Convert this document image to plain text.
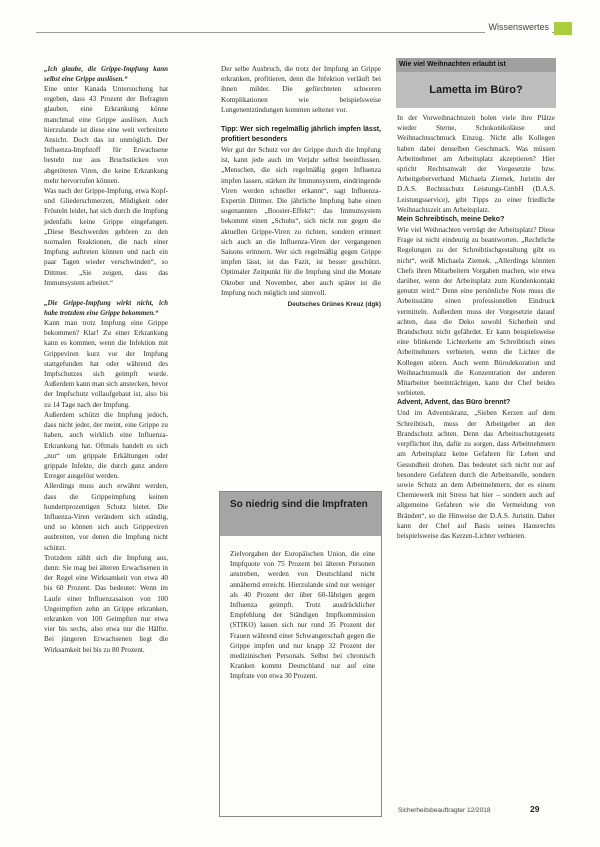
Wissenswertes
„Ich glaube, die Grippe-Impfung kann selbst eine Grippe auslösen.“
Eine unter Kanada Untersuchung hat ergeben, dass 43 Prozent der Befragten glauben, eine Erkrankung könne manchmal eine Grippe auslösen. Auch hierzulande ist diese eine weit verbreitete Ansicht. Doch das ist unmöglich. Der Influenza-Impfstoff für Erwachsene besteht nur aus Bruchstücken von abgetöteten Viren, die keine Erkrankung mehr hervorrufen können.
Was nach der Grippe-Impfung, etwa Kopf- und Gliederschmerzen, Müdigkeit oder Frösteln leidet, hat sich durch die Impfung jedenfalls keine Grippe eingefangen. „Diese Beschwerden gehören zu den normalen Reaktionen, die nach einer Impfung auftreten können und nach ein paar Tagen wieder verschwinden“, so Dittmer. „Sie zeigen, dass das Immunsystem arbeitet.“
„Die Grippe-Impfung wirkt nicht, ich habe trotzdem eine Grippe bekommen.“
Kann man trotz Impfung eine Grippe bekommen? Klar! Zu einer Erkrankung kann es kommen, wenn die Infektion mit Grippeviren kurz vor der Impfung stattgefunden hat oder während des Impfschutzes sich geimpft wurde. Außerdem kann man sich anstecken, bevor der Impfschutz vollaufgebaut ist, also bis zu 14 Tage nach der Impfung.
Außerdem schützt die Impfung jedoch, dass nicht jeder, der meint, eine Grippe zu haben, auch wirklich eine Influenza-Erkrankung hat. Oftmals handelt es sich „nur“ um grippale Erkältungen oder grippale Infekte, die durch ganz andere Erreger ausgelöst werden.
Allerdings muss auch erwähnt werden, dass die Grippeimpfung keinen hundertprozentigen Schutz bietet. Die Influenza-Viren verändern sich ständig, und so können sich auch Grippeviren ausbreiten, vor denen die Impfung nicht schützt.
Trotzdem zählt sich die Impfung aus, denn: Sie mag bei älteren Erwachsenen in der Regel eine Wirksamkeit von etwa 40 bis 60 Prozent. Das bedeutet: Wenn im Laufe einer Influenzasaison von 100 Ungeimpften zehn an Grippe erkranken, erkranken von 100 Geimpften nur etwa vier bis sechs, also etwa nur die Hälfte. Bei jüngeren Erwachsenen liegt die Wirksamkeit bei bis zu 80 Prozent.
Der selbe Ausbruch, die trotz der Impfung an Grippe erkranken, profitieren, denn die Infektion verläuft bei ihnen milder. Die gefürchteten schweren Komplikationen wie beispielsweise Lungenentzündungen kommen seltener vor.
Tipp: Wer sich regelmäßig jährlich impfen lässt, profitiert besonders
Wer gut der Schutz vor der Grippe durch die Impfung ist, kann jede auch im Vorjahr selbst beeinflussen. „Menschen, die sich regelmäßig gegen Influenza impfen lassen, stärken ihr Immunsystem, eindringende Viren werden schneller erkannt“, sagt Influenza-Expertin Dittmer. Die jährliche Impfung habe einen sogenannten „Booster-Effekt“: das Immunsystem bekommt einen „Schubs“, sich nicht nur gegen die aktuellen Grippe-Viren zu richten, sondern erinnert sich auch an die Influenza-Viren der vergangenen Saisons erinnern. Wer sich regelmäßig gegen Grippe impfen lässt, ist das Fazit, ist besser geschützt. Optimaler Zeitpunkt für die Impfung sind die Monate Oktober und November, aber auch später ist die Impfung noch möglich und sinnvoll.
Deutsches Grünes Kreuz (dgk)
So niedrig sind die Impfraten
Zielvorgaben der Europäischen Union, die eine Impfquote von 75 Prozent bei älteren Personen anstreben, werden von Deutschland nicht annähernd erreicht. Hierzulande sind nur weniger als 40 Prozent der über 60-Jährigen gegen Influenza geimpft. Trotz ausdrücklicher Empfehlung der Ständigen Impfkommission (STIKO) lassen sich nur rund 35 Prozent der Frauen während einer Schwangerschaft gegen die Grippe impfen und nur knapp 32 Prozent der medizinischen Personals. Selbst bei chronisch Kranken kommt Deutschland nur auf eine Impfrate von etwa 30 Prozent.
Wie viel Weihnachten erlaubt ist
Lametta im Büro?
In der Vorweihnachtszeit holen viele ihre Plätze wieder Sterne, Schokonikoläuse und Weihnachtsschmuck Einzug. Nicht alle Kollegen haben dabei denselben Geschmack. Was müssen Arbeitnehmer am Arbeitsplatz akzeptieren? Hier spricht Rechtsanwalt der Vorgesetzte bzw. Arbeitgeberverband Michaela Ziemek, Juristin der D.A.S. Rechtsschutz Leistungs-GmbH (D.A.S. Leistungsservice), gibt Tipps zu einer friedliche Weihnachtszeit am Arbeitsplatz.
Mein Schreibtisch, meine Deko?
Wie viel Weihnachten verträgt der Arbeitsplatz? Diese Frage ist nicht eindeutig zu beantworten. „Rechtliche Regelungen zu der Schreibtischgestaltung gibt es nicht“, weiß Michaela Ziemek. „Allerdings könnten Chefs ihren Mitarbeitern Vorgaben machen, wie etwa darüber, wenn der Arbeitsplatz zum Kundenkontakt genutzt wird.“ Denn eine persönliche Note muss die Arbeitsstätte einen professionellen Eindruck vermitteln. Außerdem muss der Vorgesetzte darauf achten, dass die Deko sowohl Sicherheit und Brandschutz nicht gefährdet. Er kann beispielsweise eine blinkende Lichterkette am Schreibtisch eines Arbeitnehmers verbieten, wenn die Lichter die Kollegen stören. Auch wenn Bürodekoration und Weihnachtsmusik die Konzentration der anderen Mitarbeiter beeinträchtigen, kann der Chef beides verbieten.
Advent, Advent, das Büro brennt?
Und im Adventskranz, „Sieben Kerzen auf dem Schreibtisch, muss der Arbeitgeber an den Brandschutz achten. Denn das Arbeitsschutzgesetz verpflichtet ihn, dafür zu sorgen, dass Arbeitnehmern am Arbeitsplatz keine Gefahren für Leben und Gesundheit drohen. Das bedeutet sich nicht nur auf besondere Gefahren durch die Arbeitsstelle, sondern sowie Schutz an dem Arbeitnehmern, der es einem Chemiewerk mit Stress hat hier – sondern auch auf allgemeine Gefahren wie die Vermeidung von Bränden“, so die Hinweise der D.A.S. Juristin. Daher kann der Chef auf Basis seines Hausrechts beispielsweise das Kerzen-Lichter verbieten.
Sicherheitsbeauftragter 12/2018	29
